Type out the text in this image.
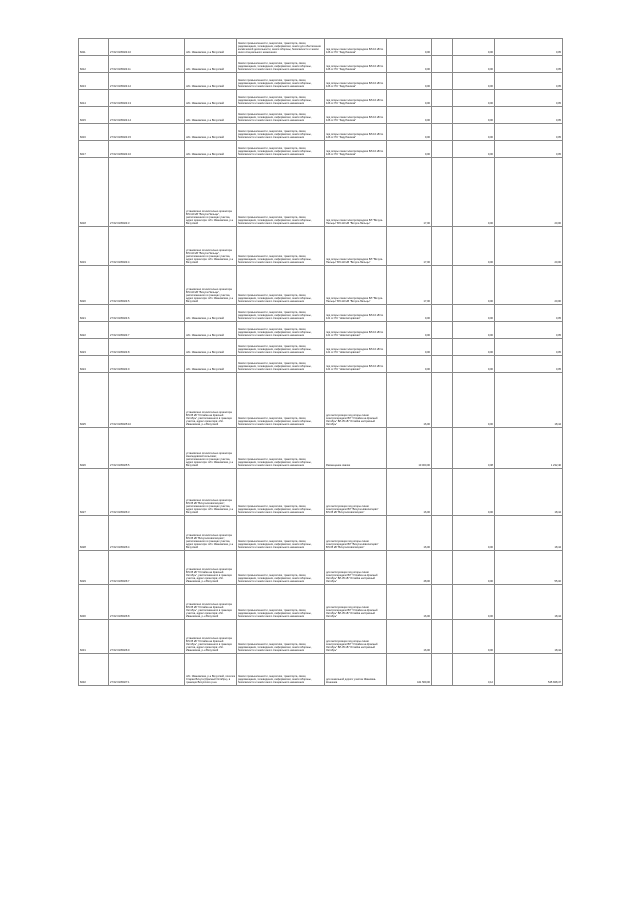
8211	27:02:0105024:10	обл. Ивановская, р-н Вичугский	Земли промышленности, энергетики, транспорта, связи, радиовещания, телевидения, информатики, земли для обеспечения космической деятельности, земли обороны, безопасности и земли иного специального назначения	под опоры линии электропередачи ВЛ-10 кВ № 126 от ПС "Зарубинская"	9,00		9,00	0,05
8212	27:02:0105024:11	обл. Ивановская, р-н Вичугский	Земли промышленности, энергетики, транспорта, связи, радиовещания, телевидения, информатики, земли обороны, безопасности и земли иного специального назначения	под опоры линии электропередачи ВЛ-10 кВ № 126 от ПС "Зарубинская"	9,00		9,00	0,05
8213	27:02:0105024:12	обл. Ивановская, р-н Вичугский	Земли промышленности, энергетики, транспорта, связи, радиовещания, телевидения, информатики, земли обороны, безопасности и земли иного специального назначения	под опоры линии электропередачи ВЛ-10 кВ № 126 от ПС "Зарубинская"	9,00		9,00	0,05
8214	27:02:0105024:13	обл. Ивановская, р-н Вичугский	Земли промышленности, энергетики, транспорта, связи, радиовещания, телевидения, информатики, земли обороны, безопасности и земли иного специального назначения	под опоры линии электропередачи ВЛ-10 кВ № 126 от ПС "Зарубинская"	9,00		9,00	0,05
8215	27:02:0105024:14	обл. Ивановская, р-н Вичугский	Земли промышленности, энергетики, транспорта, связи, радиовещания, телевидения, информатики, земли обороны, безопасности и земли иного специального назначения	под опоры линии электропередачи ВЛ-10 кВ № 126 от ПС "Зарубинская"	9,00		9,00	0,05
8216	27:02:0105024:15	обл. Ивановская, р-н Вичугский	Земли промышленности, энергетики, транспорта, связи, радиовещания, телевидения, информатики, земли обороны, безопасности и земли иного специального назначения	под опоры линии электропередачи ВЛ-10 кВ № 126 от ПС "Зарубинская"	9,00		9,00	0,05
8217	27:02:0105024:16	обл. Ивановская, р-н Вичугский	Земли промышленности, энергетики, транспорта, связи, радиовещания, телевидения, информатики, земли обороны, безопасности и земли иного специального назначения	под опоры линии электропередачи ВЛ-10 кВ № 126 от ПС "Зарубинская"	9,00		9,00	0,05
8218	27:02:0105024:3	установлено относительно ориентира ВЛ-110 кВ "Вичуга-Пальцы", расположенного в границах участка, адрес ориентира: обл. Ивановская, р-н Вичугский	Земли промышленности, энергетики, транспорта, связи, радиовещания, телевидения, информатики, земли обороны, безопасности и земли иного специального назначения	под опоры линии электропередачи ВЛ "Вичуга-Пальцы" ВЛ-110 кВ "Вичуга-Пальцы"	17,00		9,00	20,00
8219	27:02:0105024:4	установлено относительно ориентира ВЛ-110 кВ "Вичуга-Пальцы", расположенного в границах участка, адрес ориентира: обл. Ивановская, р-н Вичугский	Земли промышленности, энергетики, транспорта, связи, радиовещания, телевидения, информатики, земли обороны, безопасности и земли иного специального назначения	под опоры линии электропередачи ВЛ "Вичуга-Пальцы" ВЛ-110 кВ "Вичуга-Пальцы"	17,00		9,00	20,00
8220	27:02:0105024:5	установлено относительно ориентира ВЛ-110 кВ "Вичуга-Пальцы", расположенного в границах участка, адрес ориентира: обл. Ивановская, р-н Вичугский	Земли промышленности, энергетики, транспорта, связи, радиовещания, телевидения, информатики, земли обороны, безопасности и земли иного специального назначения	под опоры линии электропередачи ВЛ "Вичуга-Пальцы" ВЛ-110 кВ "Вичуга-Пальцы"	17,00		9,00	20,00
8221	27:02:0105024:6	обл. Ивановская, р-н Вичугский	Земли промышленности, энергетики, транспорта, связи, радиовещания, телевидения, информатики, земли обороны, безопасности и земли иного специального назначения	под опоры линии электропередачи ВЛ-10 кВ № 121 от ПС "Новописцовская"	9,00		9,00	0,05
8222	27:02:0105024:7	обл. Ивановская, р-н Вичугский	Земли промышленности, энергетики, транспорта, связи, радиовещания, телевидения, информатики, земли обороны, безопасности и земли иного специального назначения	под опоры линии электропередачи ВЛ-10 кВ № 121 от ПС "Новописцовская"	9,00		9,00	0,05
8223	27:02:0105024:8	обл. Ивановская, р-н Вичугский	Земли промышленности, энергетики, транспорта, связи, радиовещания, телевидения, информатики, земли обороны, безопасности и земли иного специального назначения	под опоры линии электропередачи ВЛ-10 кВ № 121 от ПС "Новописцовская"	9,00		9,00	0,05
8224	27:02:0105024:9	обл. Ивановская, р-н Вичугский	Земли промышленности, энергетики, транспорта, связи, радиовещания, телевидения, информатики, земли обороны, безопасности и земли иного специального назначения	под опоры линии электропередачи ВЛ-10 кВ № 121 от ПС "Новописцовская"	9,00		9,00	0,05
8225	27:02:0105025:10	установлено относительно ориентира ВЛ-35 кВ "Отпайка на Красный Октябрь", расположенного в границах участка, адрес ориентира: обл. Ивановская, р-н Вичугский	Земли промышленности, энергетики, транспорта, связи, радиовещания, телевидения, информатики, земли обороны, безопасности и земли иного специального назначения	для эксплуатации под опоры линии электропередачи ВЛ "Отпайка на Красный Октябрь" ВЛ-35 кВ "Отпайка на Красный Октябрь"	16,00		9,00	18,44
8226	27:02:0105025:5	установлено относительно ориентира Неклюдовский сельсовет, расположенного в границах участка, адрес ориентира: обл. Ивановская, р-н Вичугский	Земли промышленности, энергетики, транспорта, связи, радиовещания, телевидения, информатики, земли обороны, безопасности и земли иного специального назначения	Размещение свалки	10 000,00		0,08	1 232,40
8227	27:02:0105026:3	установлено относительно ориентира ВЛ-35 кВ "Вичуга-Новописцово", расположенного в границах участка, адрес ориентира: обл. Ивановская, р-н Вичугский	Земли промышленности, энергетики, транспорта, связи, радиовещания, телевидения, информатики, земли обороны, безопасности и земли иного специального назначения	для эксплуатации под опоры линии электропередачи ВЛ "Вичуга-Новописцово" ВЛ-35 кВ "Вичуга-Новописцово"	16,00		9,00	18,44
8228	27:02:0105026:4	установлено относительно ориентира ВЛ-35 кВ "Вичуга-Новописцово", расположенного в границах участка, адрес ориентира: обл. Ивановская, р-н Вичугский	Земли промышленности, энергетики, транспорта, связи, радиовещания, телевидения, информатики, земли обороны, безопасности и земли иного специального назначения	для эксплуатации под опоры линии электропередачи ВЛ "Вичуга-Новописцово" ВЛ-35 кВ "Вичуга-Новописцово"	16,00		9,00	18,44
8229	27:02:0105026:7	установлено относительно ориентира ВЛ-35 кВ "Отпайка на Красный Октябрь", расположенного в границах участка, адрес ориентира: обл. Ивановская, р-н Вичугский	Земли промышленности, энергетики, транспорта, связи, радиовещания, телевидения, информатики, земли обороны, безопасности и земли иного специального назначения	для эксплуатации под опоры линии электропередачи ВЛ "Отпайка на Красный Октябрь" ВЛ-35 кВ "Отпайка на Красный Октябрь"	48,00		9,00	55,32
8230	27:02:0105026:8	установлено относительно ориентира ВЛ-35 кВ "Отпайка на Красный Октябрь", расположенного в границах участка, адрес ориентира: обл. Ивановская, р-н Вичугский	Земли промышленности, энергетики, транспорта, связи, радиовещания, телевидения, информатики, земли обороны, безопасности и земли иного специального назначения	для эксплуатации под опоры линии электропередачи ВЛ "Отпайка на Красный Октябрь" ВЛ-35 кВ "Отпайка на Красный Октябрь"	16,00		9,00	18,44
8231	27:02:0105026:9	установлено относительно ориентира ВЛ-35 кВ "Отпайка на Красный Октябрь", расположенного в границах участка, адрес ориентира: обл. Ивановская, р-н Вичугский	Земли промышленности, энергетики, транспорта, связи, радиовещания, телевидения, информатики, земли обороны, безопасности и земли иного специального назначения	для эксплуатации под опоры линии электропередачи ВЛ "Отпайка на Красный Октябрь" ВЛ-35 кВ "Отпайка на Красный Октябрь"	16,00		9,00	18,44
8232	27:02:0105027:1	обл. Ивановская, р-н Вичугский, поселок Старая Вичуга (Красный Октябрь), в границах Вичугского р-на	Земли промышленности, энергетики, транспорта, связи, радиовещания, телевидения, информатики, земли обороны, безопасности и земли иного специального назначения	для земельной дороги участка Ивановка-Кинешма	441 569,00		0,12	545 848,47
